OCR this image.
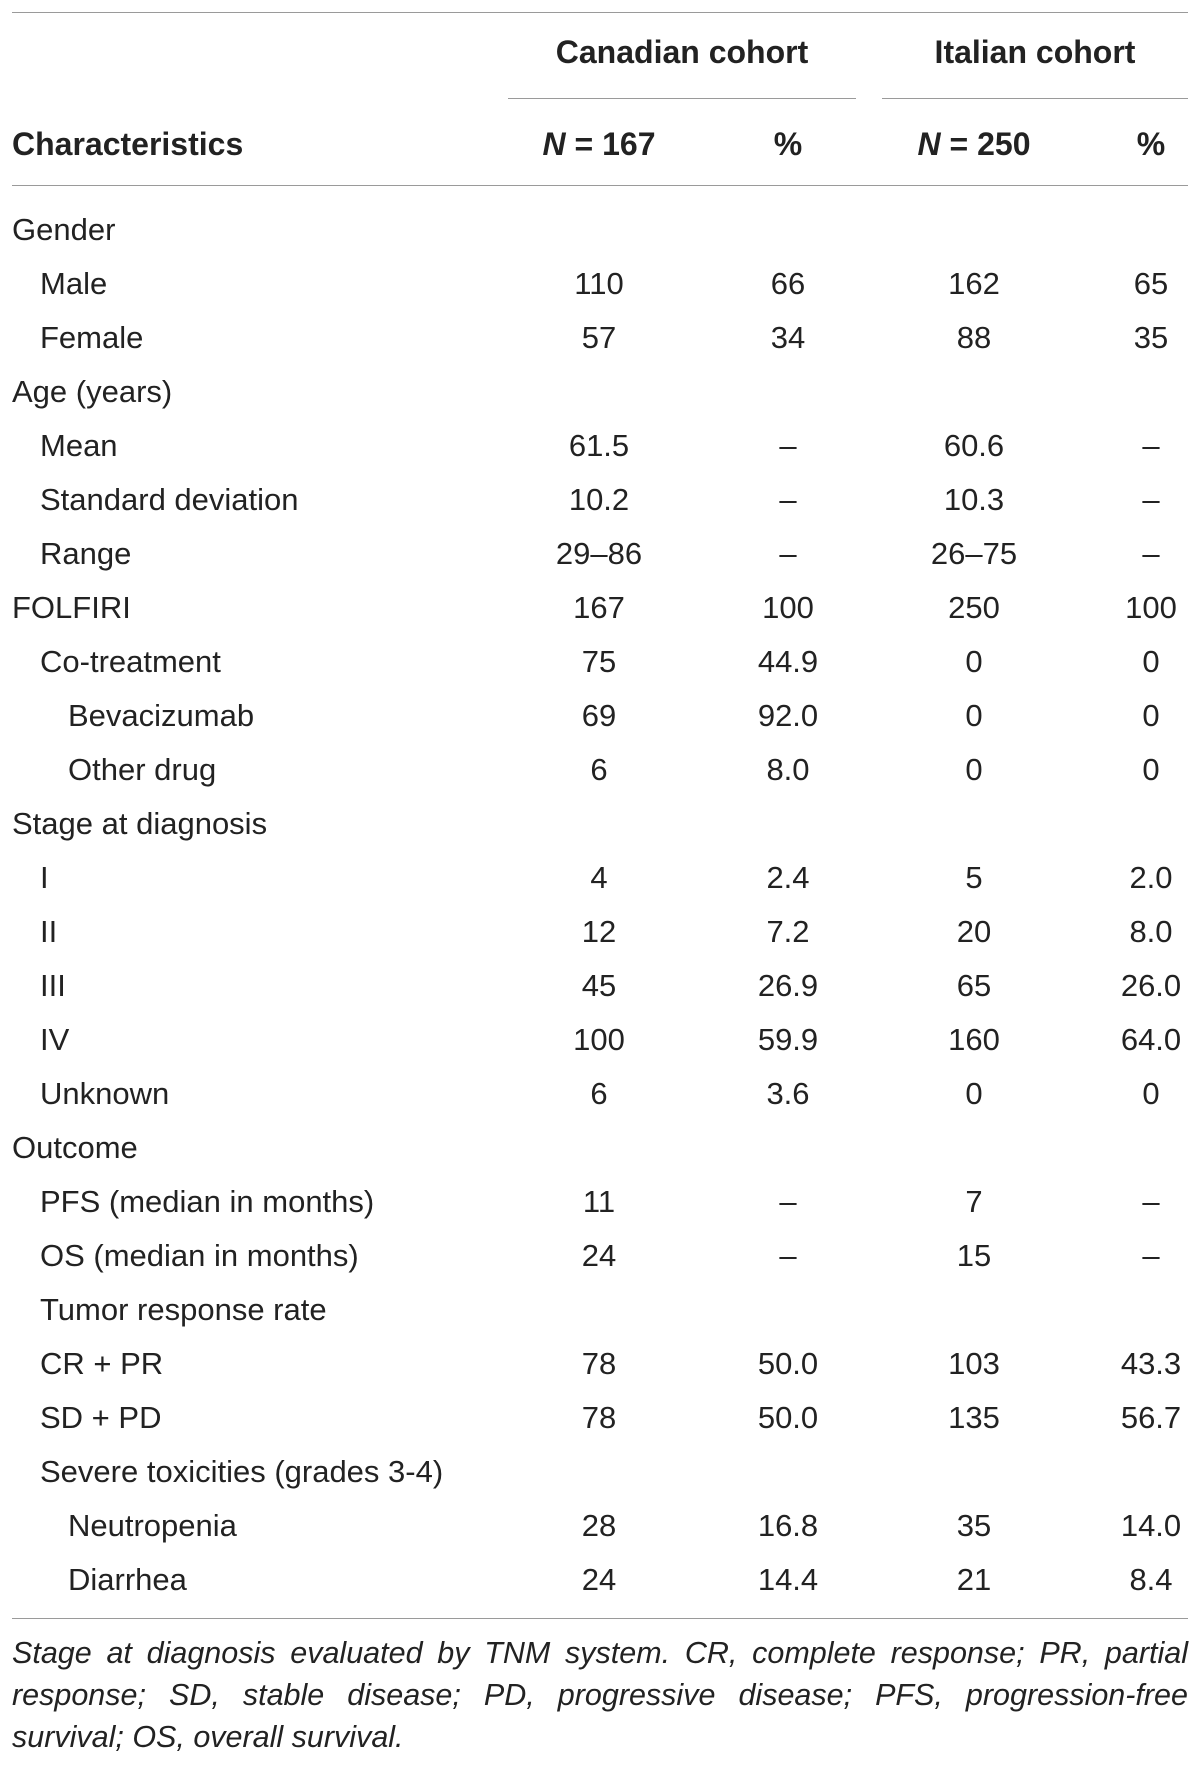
Canadian cohort	Italian cohort
Characteristics	N = 167	%	N = 250	%
Gender
Male	110	66	162	65
Female	57	34	88	35
Age (years)
Mean	61.5	–	60.6	–
Standard deviation	10.2	–	10.3	–
Range	29–86	–	26–75	–
FOLFIRI	167	100	250	100
Co-treatment	75	44.9	0	0
Bevacizumab	69	92.0	0	0
Other drug	6	8.0	0	0
Stage at diagnosis
I	4	2.4	5	2.0
II	12	7.2	20	8.0
III	45	26.9	65	26.0
IV	100	59.9	160	64.0
Unknown	6	3.6	0	0
Outcome
PFS (median in months)	11	–	7	–
OS (median in months)	24	–	15	–
Tumor response rate
CR + PR	78	50.0	103	43.3
SD + PD	78	50.0	135	56.7
Severe toxicities (grades 3-4)
Neutropenia	28	16.8	35	14.0
Diarrhea	24	14.4	21	8.4
Stage at diagnosis evaluated by TNM system. CR, complete response; PR, partial response; SD, stable disease; PD, progressive disease; PFS, progression-free survival; OS, overall survival.
